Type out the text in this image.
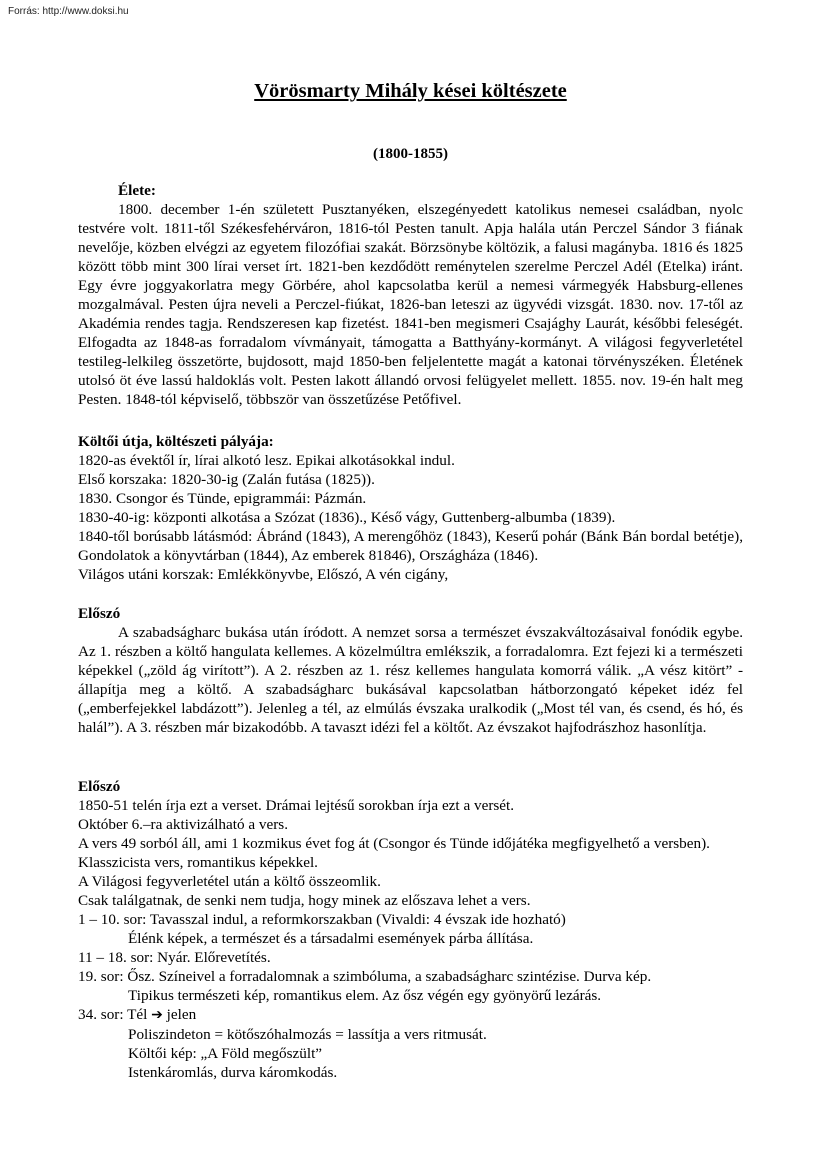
Forrás: http://www.doksi.hu
Vörösmarty Mihály kései költészete
(1800-1855)
Élete:
1800. december 1-én született Pusztanyéken, elszegényedett katolikus nemesei családban, nyolc testvére volt. 1811-től Székesfehérváron, 1816-tól Pesten tanult. Apja halála után Perczel Sándor 3 fiának nevelője, közben elvégzi az egyetem filozófiai szakát. Börzsönybe költözik, a falusi magányba. 1816 és 1825 között több mint 300 lírai verset írt. 1821-ben kezdődött reménytelen szerelme Perczel Adél (Etelka) iránt. Egy évre joggyakorlatra megy Görbére, ahol kapcsolatba kerül a nemesi vármegyék Habsburg-ellenes mozgalmával. Pesten újra neveli a Perczel-fiúkat, 1826-ban leteszi az ügyvédi vizsgát. 1830. nov. 17-től az Akadémia rendes tagja. Rendszeresen kap fizetést. 1841-ben megismeri Csajághy Laurát, későbbi feleségét. Elfogadta az 1848-as forradalom vívmányait, támogatta a Batthyány-kormányt. A világosi fegyverletétel testileg-lelkileg összetörte, bujdosott, majd 1850-ben feljelentette magát a katonai törvényszéken. Életének utolsó öt éve lassú haldoklás volt. Pesten lakott állandó orvosi felügyelet mellett. 1855. nov. 19-én halt meg Pesten. 1848-tól képviselő, többször van összetűzése Petőfivel.
Költői útja, költészeti pályája:
1820-as évektől ír, lírai alkotó lesz. Epikai alkotásokkal indul.
Első korszaka: 1820-30-ig (Zalán futása (1825)).
1830. Csongor és Tünde, epigrammái: Pázmán.
1830-40-ig: központi alkotása a Szózat (1836)., Késő vágy, Guttenberg-albumba (1839).
1840-től borúsabb látásmód: Ábránd (1843), A merengőhöz (1843), Keserű pohár (Bánk Bán bordal betétje), Gondolatok a könyvtárban (1844), Az emberek 81846), Országháza (1846).
Világos utáni korszak: Emlékkönyvbe, Előszó, A vén cigány,
Előszó
A szabadságharc bukása után íródott. A nemzet sorsa a természet évszakváltozásaival fonódik egybe. Az 1. részben a költő hangulata kellemes. A közelmúltra emlékszik, a forradalomra. Ezt fejezi ki a természeti képekkel („zöld ág virított”). A 2. részben az 1. rész kellemes hangulata komorrá válik. „A vész kitört” - állapítja meg a költő. A szabadságharc bukásával kapcsolatban hátborzongató képeket idéz fel („emberfejekkel labdázott”). Jelenleg a tél, az elmúlás évszaka uralkodik („Most tél van, és csend, és hó, és halál”). A 3. részben már bizakodóbb. A tavaszt idézi fel a költőt. Az évszakot hajfodrászhoz hasonlítja.
Előszó
1850-51 telén írja ezt a verset. Drámai lejtésű sorokban írja ezt a versét.
Október 6.–ra aktivizálható a vers.
A vers 49 sorból áll, ami 1 kozmikus évet fog át (Csongor és Tünde időjátéka megfigyelhető a versben). Klasszicista vers, romantikus képekkel.
A Világosi fegyverletétel után a költő összeomlik.
Csak találgatnak, de senki nem tudja, hogy minek az előszava lehet a vers.
1 – 10. sor: Tavasszal indul, a reformkorszakban (Vivaldi: 4 évszak ide hozható)
Élénk képek, a természet és a társadalmi események párba állítása.
11 – 18. sor: Nyár. Előrevetítés.
19. sor: Ősz. Színeivel a forradalomnak a szimbóluma, a szabadságharc szintézise. Durva kép.
Tipikus természeti kép, romantikus elem. Az ősz végén egy gyönyörű lezárás.
34. sor: Tél ➔ jelen
Poliszindeton = kötőszóhalmozás = lassítja a vers ritmusát.
Költői kép: „A Föld megőszült”
Istenkáromlás, durva káromkodás.
